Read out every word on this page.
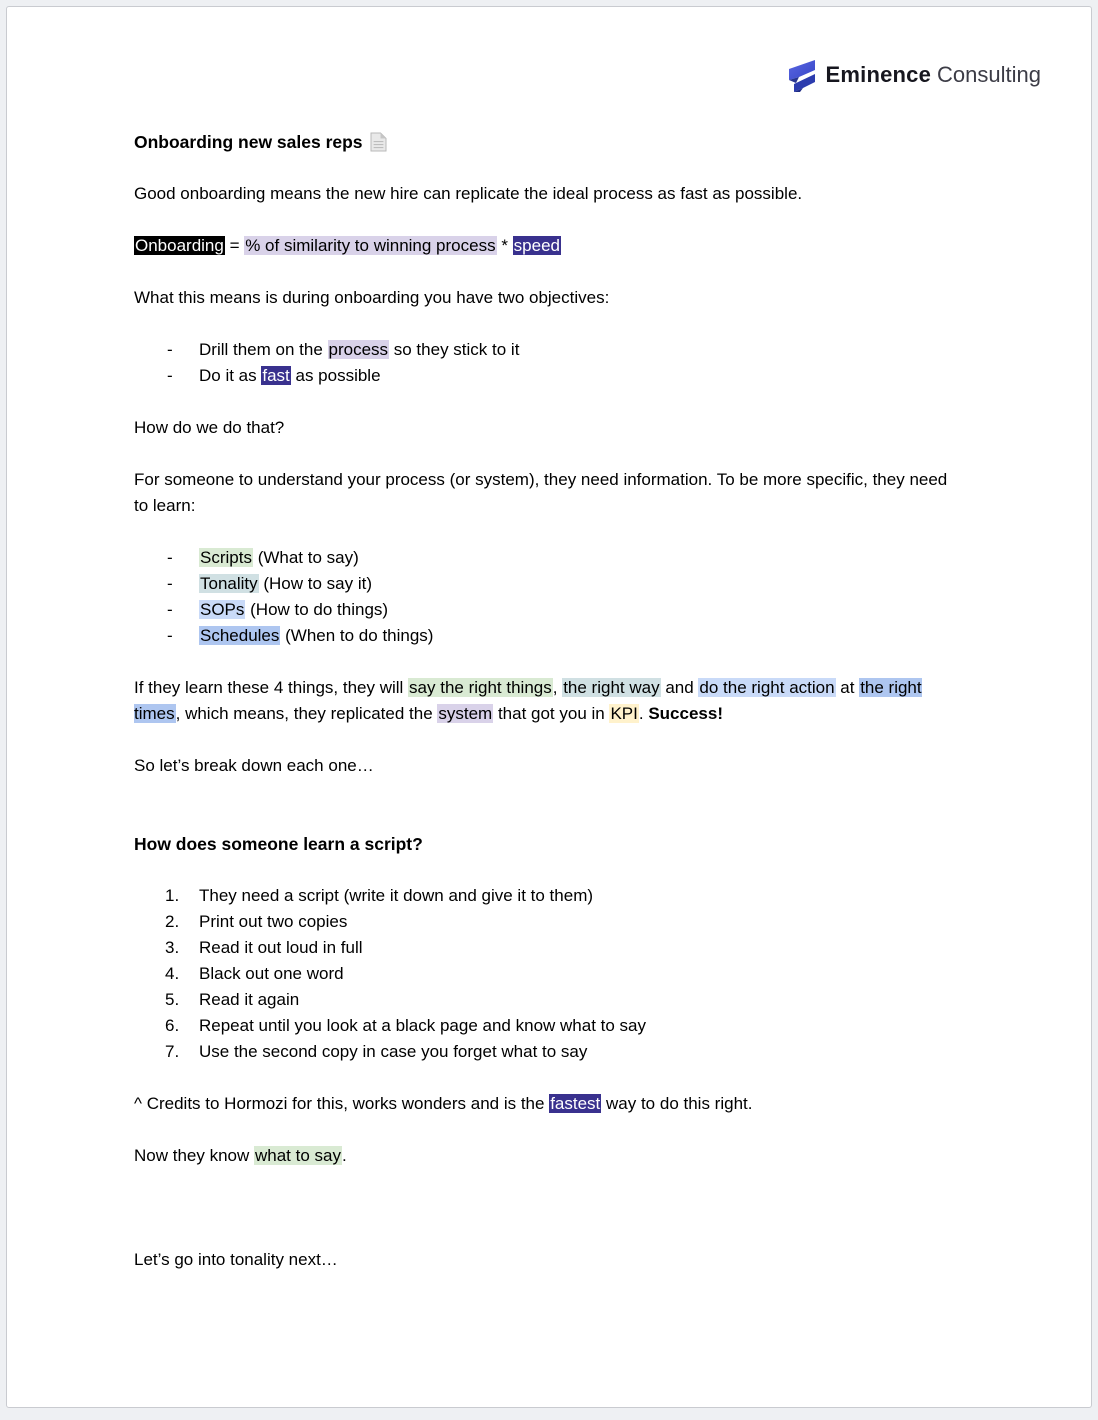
Eminence Consulting

Onboarding new sales reps

Good onboarding means the new hire can replicate the ideal process as fast as possible.

Onboarding = % of similarity to winning process * speed

What this means is during onboarding you have two objectives:

- Drill them on the process so they stick to it
- Do it as fast as possible

How do we do that?

For someone to understand your process (or system), they need information. To be more specific, they need to learn:

- Scripts (What to say)
- Tonality (How to say it)
- SOPs (How to do things)
- Schedules (When to do things)

If they learn these 4 things, they will say the right things, the right way and do the right action at the right times, which means, they replicated the system that got you in KPI. Success!

So let’s break down each one…

How does someone learn a script?

They need a script (write it down and give it to them)
Print out two copies
Read it out loud in full
Black out one word
Read it again
Repeat until you look at a black page and know what to say
Use the second copy in case you forget what to say

^ Credits to Hormozi for this, works wonders and is the fastest way to do this right.

Now they know what to say.

Let’s go into tonality next…
